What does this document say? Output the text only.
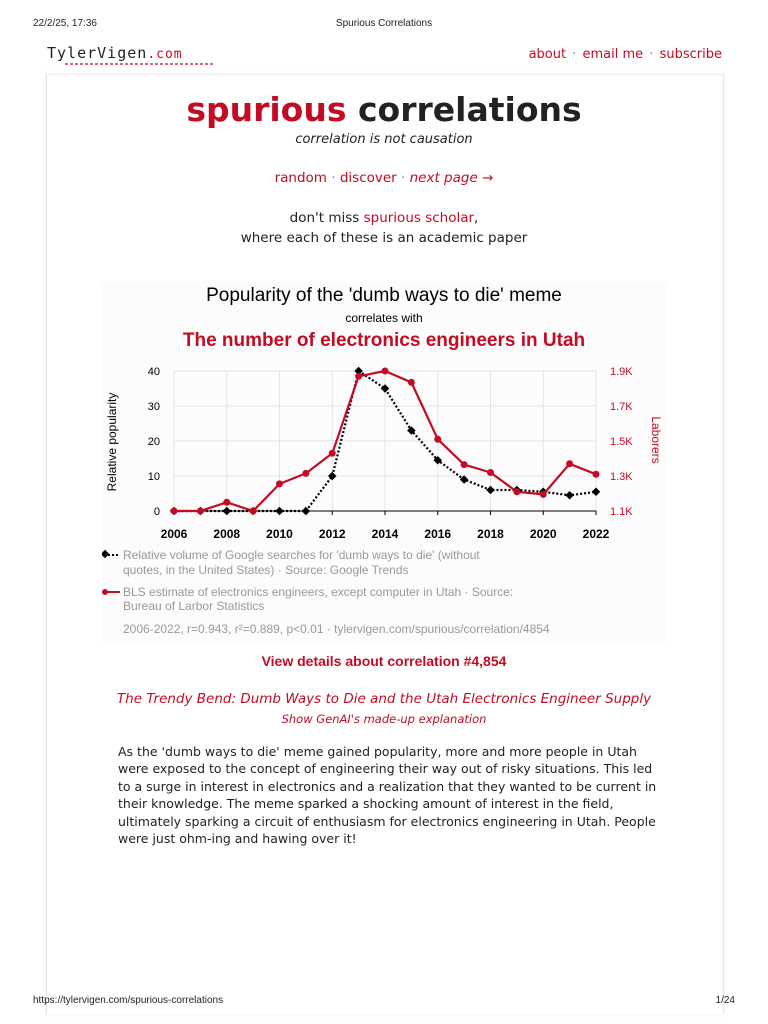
22/2/25, 17:36	Spurious Correlations
TylerVigen.com	about · email me · subscribe
spurious correlations
correlation is not causation
random · discover · next page →
don't miss spurious scholar,
where each of these is an academic paper
Popularity of the 'dumb ways to die' meme
correlates with
The number of electronics engineers in Utah
0
10
20
30
40
1.1K
1.3K
1.5K
1.7K
1.9K
2006 2008 2010 2012 2014 2016 2018 2020 2022
Relative popularity	Laborers
Relative volume of Google searches for 'dumb ways to die' (without
quotes, in the United States) · Source: Google Trends
BLS estimate of electronics engineers, except computer in Utah · Source:
Bureau of Larbor Statistics
2006-2022, r=0.943, r²=0.889, p<0.01 · tylervigen.com/spurious/correlation/4854
View details about correlation #4,854
The Trendy Bend: Dumb Ways to Die and the Utah Electronics Engineer Supply
Show GenAI's made-up explanation
As the 'dumb ways to die' meme gained popularity, more and more people in Utah were exposed to the concept of engineering their way out of risky situations. This led to a surge in interest in electronics and a realization that they wanted to be current in their knowledge. The meme sparked a shocking amount of interest in the field, ultimately sparking a circuit of enthusiasm for electronics engineering in Utah. People were just ohm-ing and hawing over it!
https://tylervigen.com/spurious-correlations	1/24
